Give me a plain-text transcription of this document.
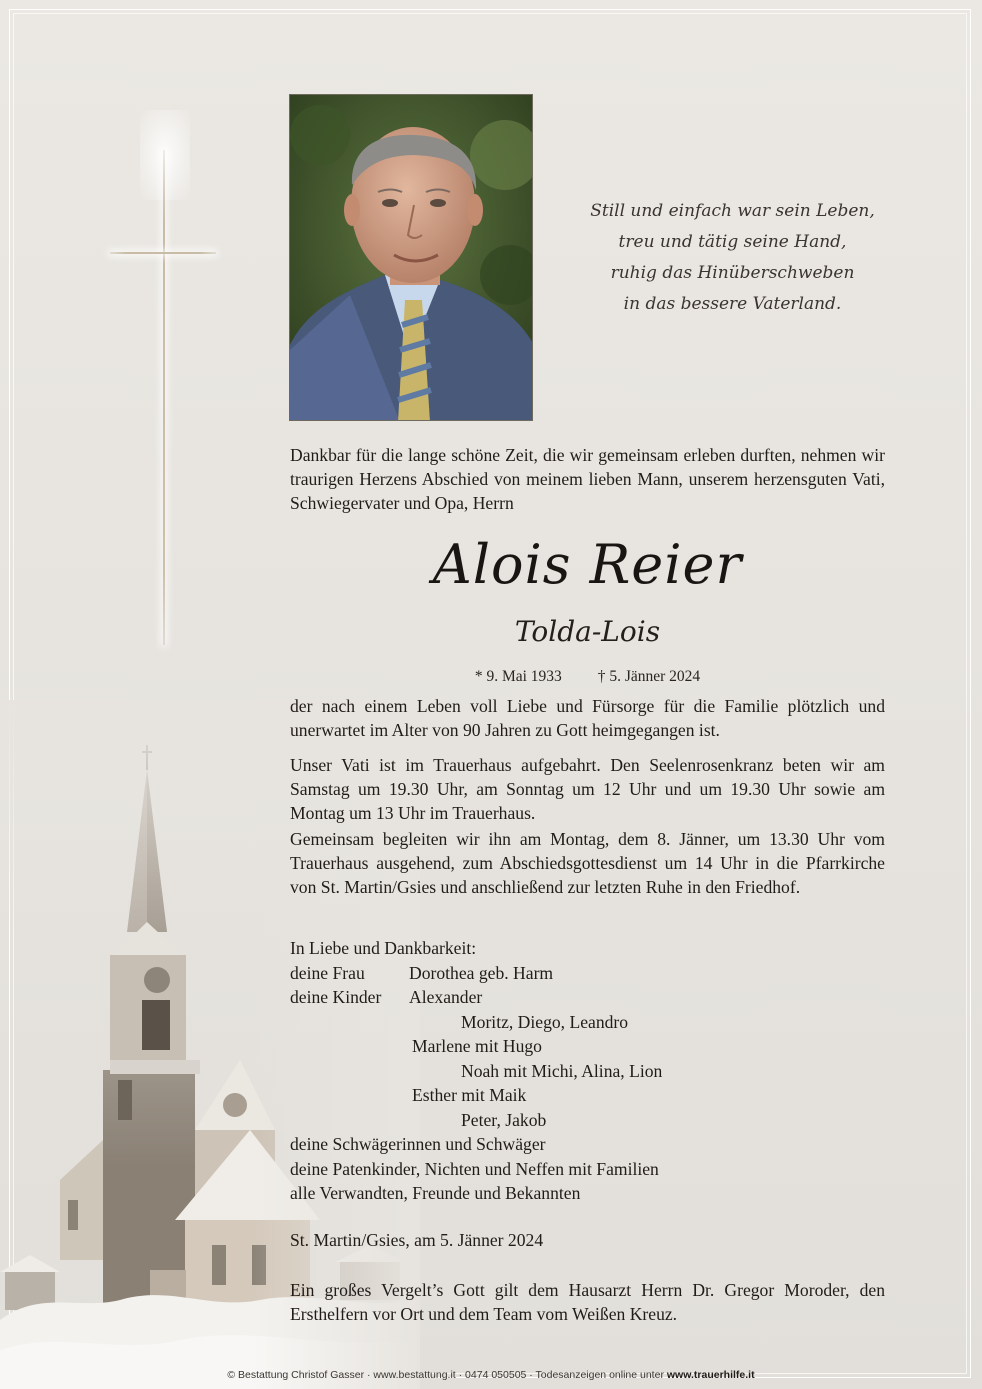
Still und einfach war sein Leben,
treu und tätig seine Hand,
ruhig das Hinüberschweben
in das bessere Vaterland.

Dankbar für die lange schöne Zeit, die wir gemeinsam erleben durften, nehmen wir traurigen Herzens Abschied von meinem lieben Mann, unserem herzensguten Vati, Schwiegervater und Opa, Herrn

Alois Reier
Tolda-Lois
* 9. Mai 1933 † 5. Jänner 2024

der nach einem Leben voll Liebe und Fürsorge für die Familie plötzlich und unerwartet im Alter von 90 Jahren zu Gott heimgegangen ist.

Unser Vati ist im Trauerhaus aufgebahrt. Den Seelenrosenkranz beten wir am Samstag um 19.30 Uhr, am Sonntag um 12 Uhr und um 19.30 Uhr sowie am Montag um 13 Uhr im Trauerhaus.

Gemeinsam begleiten wir ihn am Montag, dem 8. Jänner, um 13.30 Uhr vom Trauerhaus ausgehend, zum Abschiedsgottesdienst um 14 Uhr in die Pfarrkirche von St. Martin/Gsies und anschließend zur letzten Ruhe in den Friedhof.

In Liebe und Dankbarkeit:
deine Frau	Dorothea geb. Harm
deine Kinder Alexander
Moritz, Diego, Leandro
Marlene mit Hugo
Noah mit Michi, Alina, Lion
Esther mit Maik
Peter, Jakob
deine Schwägerinnen und Schwäger
deine Patenkinder, Nichten und Neffen mit Familien
alle Verwandten, Freunde und Bekannten

St. Martin/Gsies, am 5. Jänner 2024

Ein großes Vergelt’s Gott gilt dem Hausarzt Herrn Dr. Gregor Moroder, den Ersthelfern vor Ort und dem Team vom Weißen Kreuz.

© Bestattung Christof Gasser · www.bestattung.it · 0474 050505 · Todesanzeigen online unter www.trauerhilfe.it
